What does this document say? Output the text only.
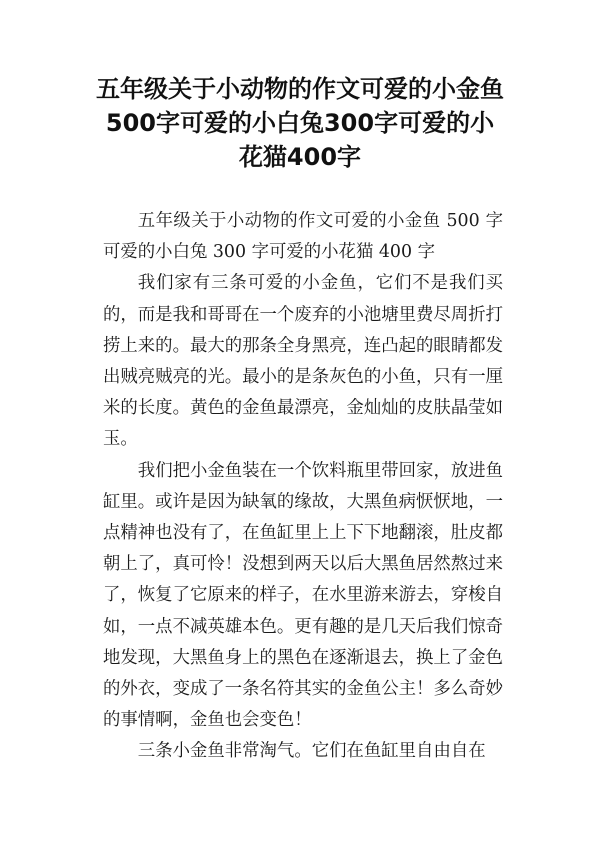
五年级关于小动物的作文可爱的小金鱼500字可爱的小白兔300字可爱的小花猫400字

五年级关于小动物的作文可爱的小金鱼 500 字可爱的小白兔 300 字可爱的小花猫 400 字

我们家有三条可爱的小金鱼，它们不是我们买的，而是我和哥哥在一个废弃的小池塘里费尽周折打捞上来的。最大的那条全身黑亮，连凸起的眼睛都发出贼亮贼亮的光。最小的是条灰色的小鱼，只有一厘米的长度。黄色的金鱼最漂亮，金灿灿的皮肤晶莹如玉。

我们把小金鱼装在一个饮料瓶里带回家，放进鱼缸里。或许是因为缺氧的缘故，大黑鱼病恹恹地，一点精神也没有了，在鱼缸里上上下下地翻滚，肚皮都朝上了，真可怜！没想到两天以后大黑鱼居然熬过来了，恢复了它原来的样子，在水里游来游去，穿梭自如，一点不减英雄本色。更有趣的是几天后我们惊奇地发现，大黑鱼身上的黑色在逐渐退去，换上了金色的外衣，变成了一条名符其实的金鱼公主！多么奇妙的事情啊，金鱼也会变色！

三条小金鱼非常淘气。它们在鱼缸里自由自在
